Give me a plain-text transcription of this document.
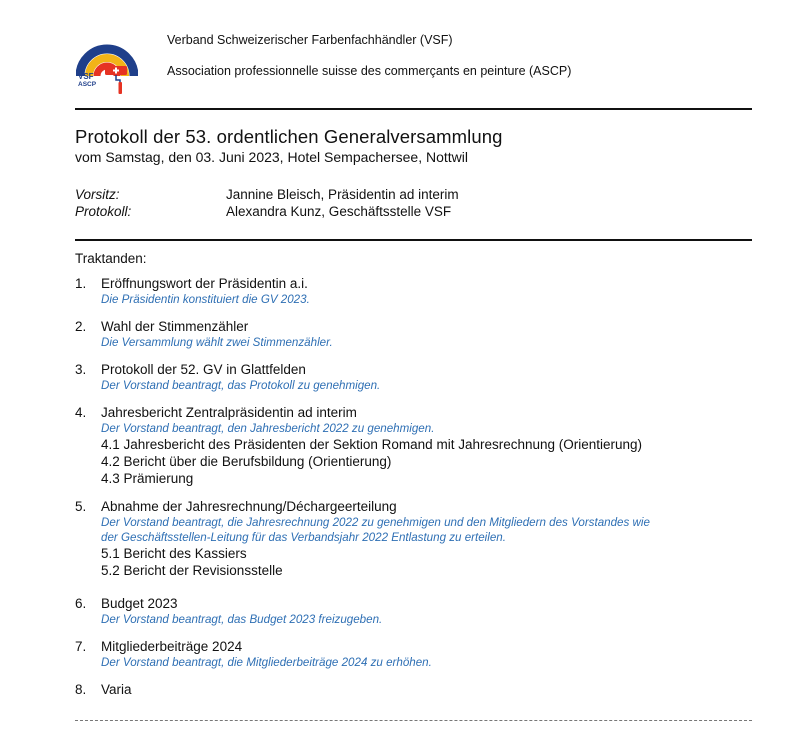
VSF
ASCP
Verband Schweizerischer Farbenfachhändler (VSF)
Association professionnelle suisse des commerçants en peinture (ASCP)
Protokoll der 53. ordentlichen Generalversammlung
vom Samstag, den 03. Juni 2023, Hotel Sempachersee, Nottwil
Vorsitz:	Jannine Bleisch, Präsidentin ad interim
Protokoll:	Alexandra Kunz, Geschäftsstelle VSF
Traktanden:
1. Eröffnungswort der Präsidentin a.i.
Die Präsidentin konstituiert die GV 2023.
2. Wahl der Stimmenzähler
Die Versammlung wählt zwei Stimmenzähler.
3. Protokoll der 52. GV in Glattfelden
Der Vorstand beantragt, das Protokoll zu genehmigen.
4. Jahresbericht Zentralpräsidentin ad interim
Der Vorstand beantragt, den Jahresbericht 2022 zu genehmigen.
4.1 Jahresbericht des Präsidenten der Sektion Romand mit Jahresrechnung (Orientierung)
4.2 Bericht über die Berufsbildung (Orientierung)
4.3 Prämierung
5. Abnahme der Jahresrechnung/Déchargeerteilung
Der Vorstand beantragt, die Jahresrechnung 2022 zu genehmigen und den Mitgliedern des Vorstandes wie
der Geschäftsstellen-Leitung für das Verbandsjahr 2022 Entlastung zu erteilen.
5.1 Bericht des Kassiers
5.2 Bericht der Revisionsstelle
6. Budget 2023
Der Vorstand beantragt, das Budget 2023 freizugeben.
7. Mitgliederbeiträge 2024
Der Vorstand beantragt, die Mitgliederbeiträge 2024 zu erhöhen.
8. Varia
